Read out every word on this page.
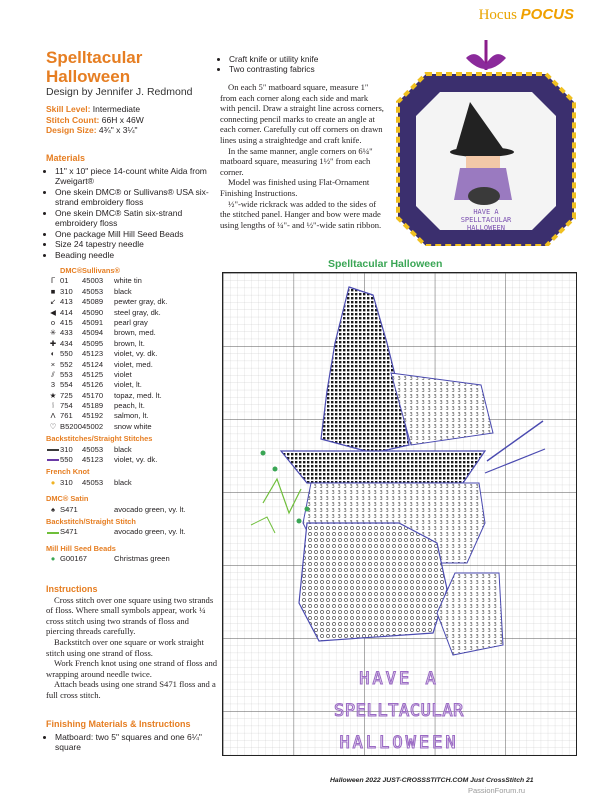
Hocus POCUS
Spelltacular
Halloween
Design by Jennifer J. Redmond
Skill Level: Intermediate
Stitch Count: 66H x 46W
Design Size: 4¾" x 3¼"
Materials
• 11" x 10" piece 14-count white Aida from Zweigart®
• One skein DMC® or Sullivans® USA six-strand embroidery floss
• One skein DMC® Satin six-strand embroidery floss
• One package Mill Hill Seed Beads
• Size 24 tapestry needle
• Beading needle
DMC® Sullivans®
ᒥ 01	45003	white tin
■ 310	45053	black
↙ 413	45089	pewter gray, dk.
◀ 414	45090	steel gray, dk.
o 415	45091	pearl gray
✳ 433	45094	brown, med.
✚ 434	45095	brown, lt.
◐ 550	45123	violet, vy. dk.
× 552	45124	violet, med.
⫽ 553	45125	violet
3 554	45126	violet, lt.
★ 725	45170	topaz, med. lt.
⦚ 754	45189	peach, lt.
Λ 761	45192	salmon, lt.
♡ B5200 45002	snow white
Backstitches/Straight Stitches
310	45053	black
550	45123	violet, vy. dk.
French Knot
● 310	45053	black
DMC® Satin
♠ S471	avocado green, vy. lt.
Backstitch/Straight Stitch
S471	avocado green, vy. lt.
Mill Hill Seed Beads
● G00167	Christmas green
Instructions

Cross stitch over one square using two strands of floss. Where small symbols appear, work ¼ cross stitch using two strands of floss and piercing threads carefully.

Backstitch over one square or work straight stitch using one strand of floss.

Work French knot using one strand of floss and wrapping around needle twice.

Attach beads using one strand S471 floss and a full cross stitch.

Finishing Materials & Instructions
• Matboard: two 5" squares and one 6¼" square
• Craft knife or utility knife
• Two contrasting fabrics

On each 5" matboard square, measure 1" from each corner along each side and mark with pencil. Draw a straight line across corners, connecting pencil marks to create an angle at each corner. Carefully cut off corners on drawn lines using a straightedge and craft knife.

In the same manner, angle corners on 6¼" matboard square, measuring 1½" from each corner.

Model was finished using Flat-Ornament Finishing Instructions.

½"-wide rickrack was added to the sides of the stitched panel. Hanger and bow were made using lengths of ¼"- and ½"-wide satin ribbon.

HAVE A
SPELLTACULAR
HALLOWEEN
Spelltacular Halloween
HAVE A
SPELLTACULAR
HALLOWEEN
Halloween 2022 JUST-CROSSSTITCH.COM Just CrossStitch 21
PassionForum.ru
